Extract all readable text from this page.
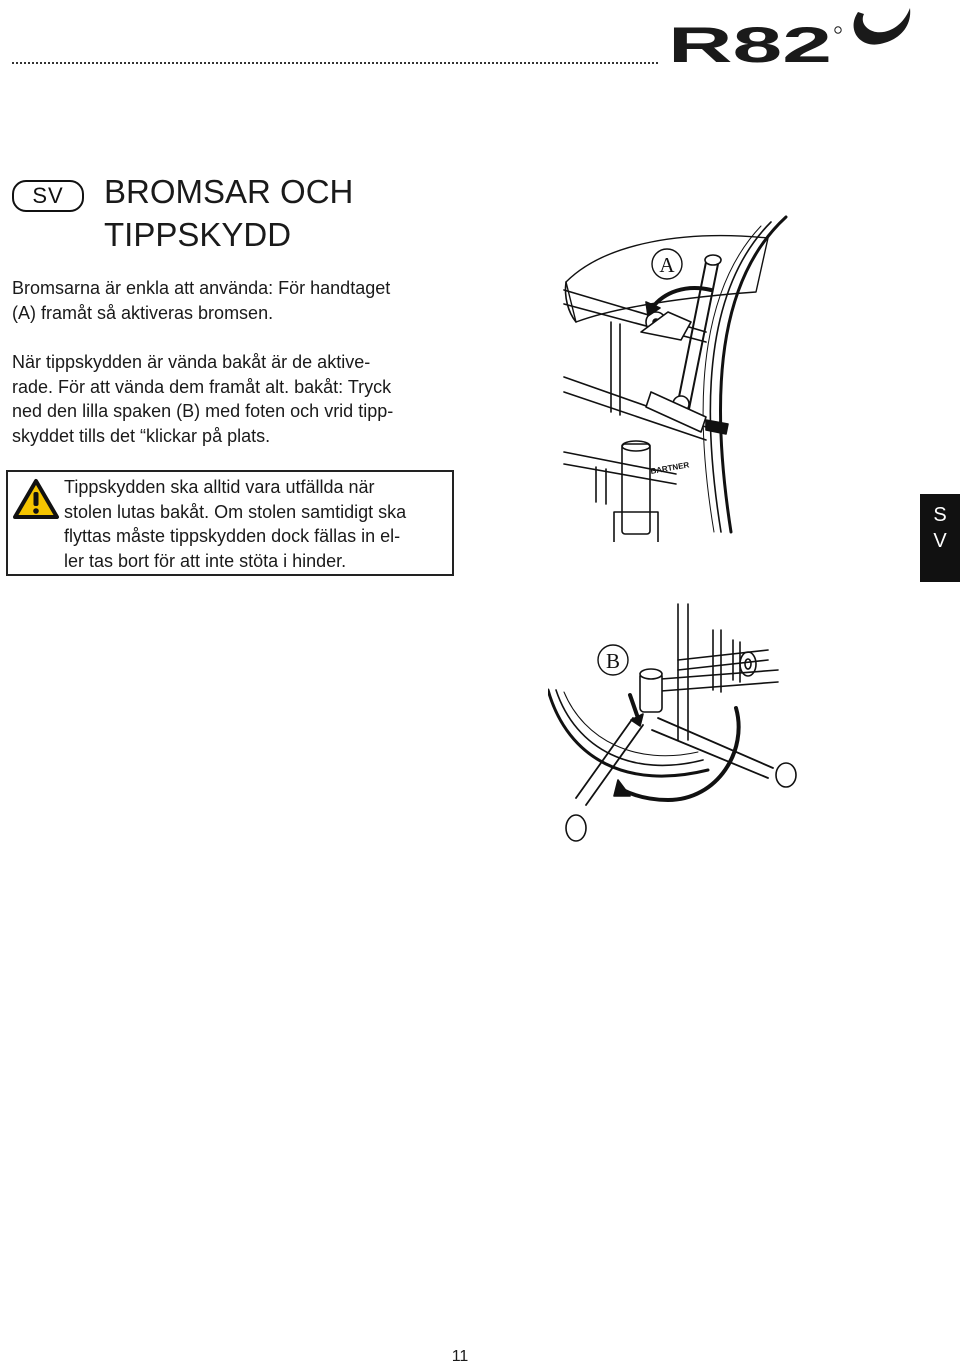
R82
SV	BROMSAR OCH
TIPPSKYDD

Bromsarna är enkla att använda: För handtaget
(A) framåt så aktiveras bromsen.

När tippskydden är vända bakåt är de aktive-
rade. För att vända dem framåt alt. bakåt: Tryck
ned den lilla spaken (B) med foten och vrid tipp-
skyddet tills det “klickar på plats.

Tippskydden ska alltid vara utfällda när
stolen lutas bakåt. Om stolen samtidigt ska
flyttas måste tippskydden dock fällas in el-
ler tas bort för att inte stöta i hinder.

S
V
A
BARTNER
B
11
